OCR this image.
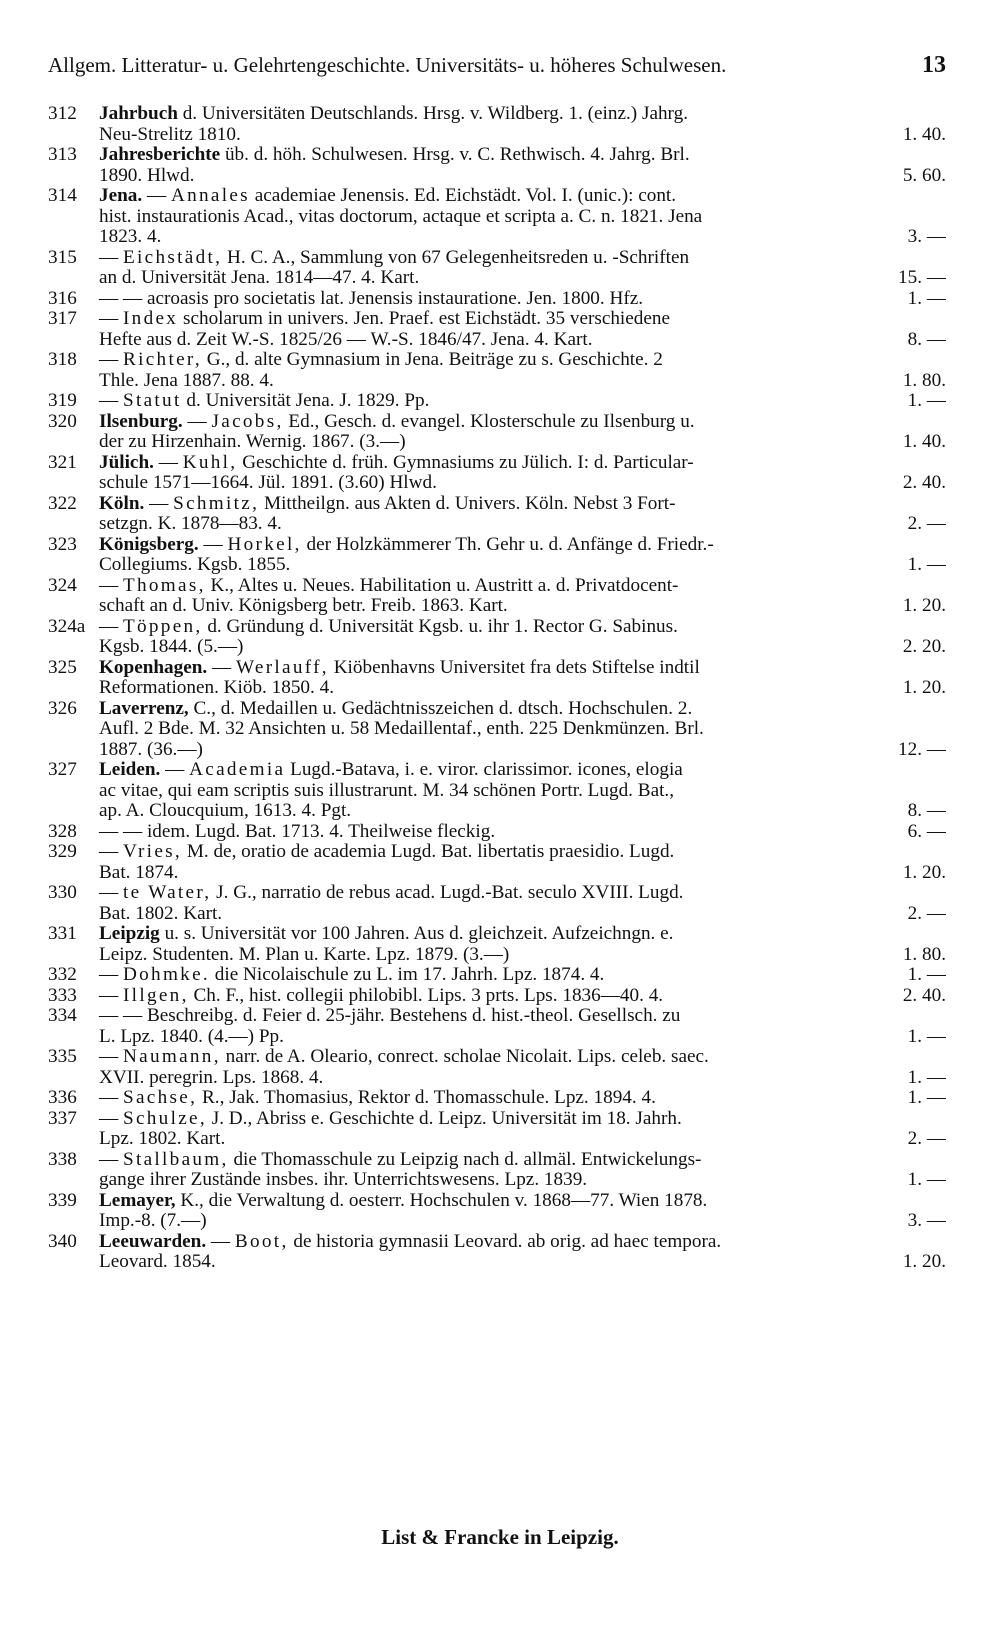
Allgem. Litteratur- u. Gelehrtengeschichte. Universitäts- u. höheres Schulwesen.	13
312	Jahrbuch d. Universitäten Deutschlands. Hrsg. v. Wildberg. 1. (einz.) Jahrg.
Neu-Strelitz 1810.	1. 40.
313	Jahresberichte üb. d. höh. Schulwesen. Hrsg. v. C. Rethwisch. 4. Jahrg. Brl.
1890. Hlwd.	5. 60.
314	Jena. — Annales academiae Jenensis. Ed. Eichstädt. Vol. I. (unic.): cont.
hist. instaurationis Acad., vitas doctorum, actaque et scripta a. C. n. 1821. Jena
1823. 4.	3. —
315	— Eichstädt, H. C. A., Sammlung von 67 Gelegenheitsreden u. -Schriften
an d. Universität Jena. 1814—47. 4. Kart.	15. —
316	— — acroasis pro societatis lat. Jenensis instauratione. Jen. 1800. Hfz.	1. —
317	— Index scholarum in univers. Jen. Praef. est Eichstädt. 35 verschiedene
Hefte aus d. Zeit W.-S. 1825/26 — W.-S. 1846/47. Jena. 4. Kart.	8. —
318	— Richter, G., d. alte Gymnasium in Jena. Beiträge zu s. Geschichte. 2
Thle. Jena 1887. 88. 4.	1. 80.
319	— Statut d. Universität Jena. J. 1829. Pp.	1. —
320	Ilsenburg. — Jacobs, Ed., Gesch. d. evangel. Klosterschule zu Ilsenburg u.
der zu Hirzenhain. Wernig. 1867. (3.—)	1. 40.
321	Jülich. — Kuhl, Geschichte d. früh. Gymnasiums zu Jülich. I: d. Particular-
schule 1571—1664. Jül. 1891. (3.60) Hlwd.	2. 40.
322	Köln. — Schmitz, Mittheilgn. aus Akten d. Univers. Köln. Nebst 3 Fort-
setzgn. K. 1878—83. 4.	2. —
323	Königsberg. — Horkel, der Holzkämmerer Th. Gehr u. d. Anfänge d. Friedr.-
Collegiums. Kgsb. 1855.	1. —
324	— Thomas, K., Altes u. Neues. Habilitation u. Austritt a. d. Privatdocent-
schaft an d. Univ. Königsberg betr. Freib. 1863. Kart.	1. 20.
324a — Töppen, d. Gründung d. Universität Kgsb. u. ihr 1. Rector G. Sabinus.
Kgsb. 1844. (5.—)	2. 20.
325	Kopenhagen. — Werlauff, Kiöbenhavns Universitet fra dets Stiftelse indtil
Reformationen. Kiöb. 1850. 4.	1. 20.
326	Laverrenz, C., d. Medaillen u. Gedächtnisszeichen d. dtsch. Hochschulen. 2.
Aufl. 2 Bde. M. 32 Ansichten u. 58 Medaillentaf., enth. 225 Denkmünzen. Brl.
1887. (36.—)	12. —
327	Leiden. — Academia Lugd.-Batava, i. e. viror. clarissimor. icones, elogia
ac vitae, qui eam scriptis suis illustrarunt. M. 34 schönen Portr. Lugd. Bat.,
ap. A. Cloucquium, 1613. 4. Pgt.	8. —
328	— — idem. Lugd. Bat. 1713. 4. Theilweise fleckig.	6. —
329	— Vries, M. de, oratio de academia Lugd. Bat. libertatis praesidio. Lugd.
Bat. 1874.	1. 20.
330	— te Water, J. G., narratio de rebus acad. Lugd.-Bat. seculo XVIII. Lugd.
Bat. 1802. Kart.	2. —
331	Leipzig u. s. Universität vor 100 Jahren. Aus d. gleichzeit. Aufzeichngn. e.
Leipz. Studenten. M. Plan u. Karte. Lpz. 1879. (3.—)	1. 80.
332	— Dohmke. die Nicolaischule zu L. im 17. Jahrh. Lpz. 1874. 4.	1. —
333	— Illgen, Ch. F., hist. collegii philobibl. Lips. 3 prts. Lps. 1836—40. 4.	2. 40.
334	— — Beschreibg. d. Feier d. 25-jähr. Bestehens d. hist.-theol. Gesellsch. zu
L. Lpz. 1840. (4.—) Pp.	1. —
335	— Naumann, narr. de A. Oleario, conrect. scholae Nicolait. Lips. celeb. saec.
XVII. peregrin. Lps. 1868. 4.	1. —
336	— Sachse, R., Jak. Thomasius, Rektor d. Thomasschule. Lpz. 1894. 4.	1. —
337	— Schulze, J. D., Abriss e. Geschichte d. Leipz. Universität im 18. Jahrh.
Lpz. 1802. Kart.	2. —
338	— Stallbaum, die Thomasschule zu Leipzig nach d. allmäl. Entwickelungs-
gange ihrer Zustände insbes. ihr. Unterrichtswesens. Lpz. 1839.	1. —
339	Lemayer, K., die Verwaltung d. oesterr. Hochschulen v. 1868—77. Wien 1878.
Imp.-8. (7.—)	3. —
340	Leeuwarden. — Boot, de historia gymnasii Leovard. ab orig. ad haec tempora.
Leovard. 1854.	1. 20.
List & Francke in Leipzig.
